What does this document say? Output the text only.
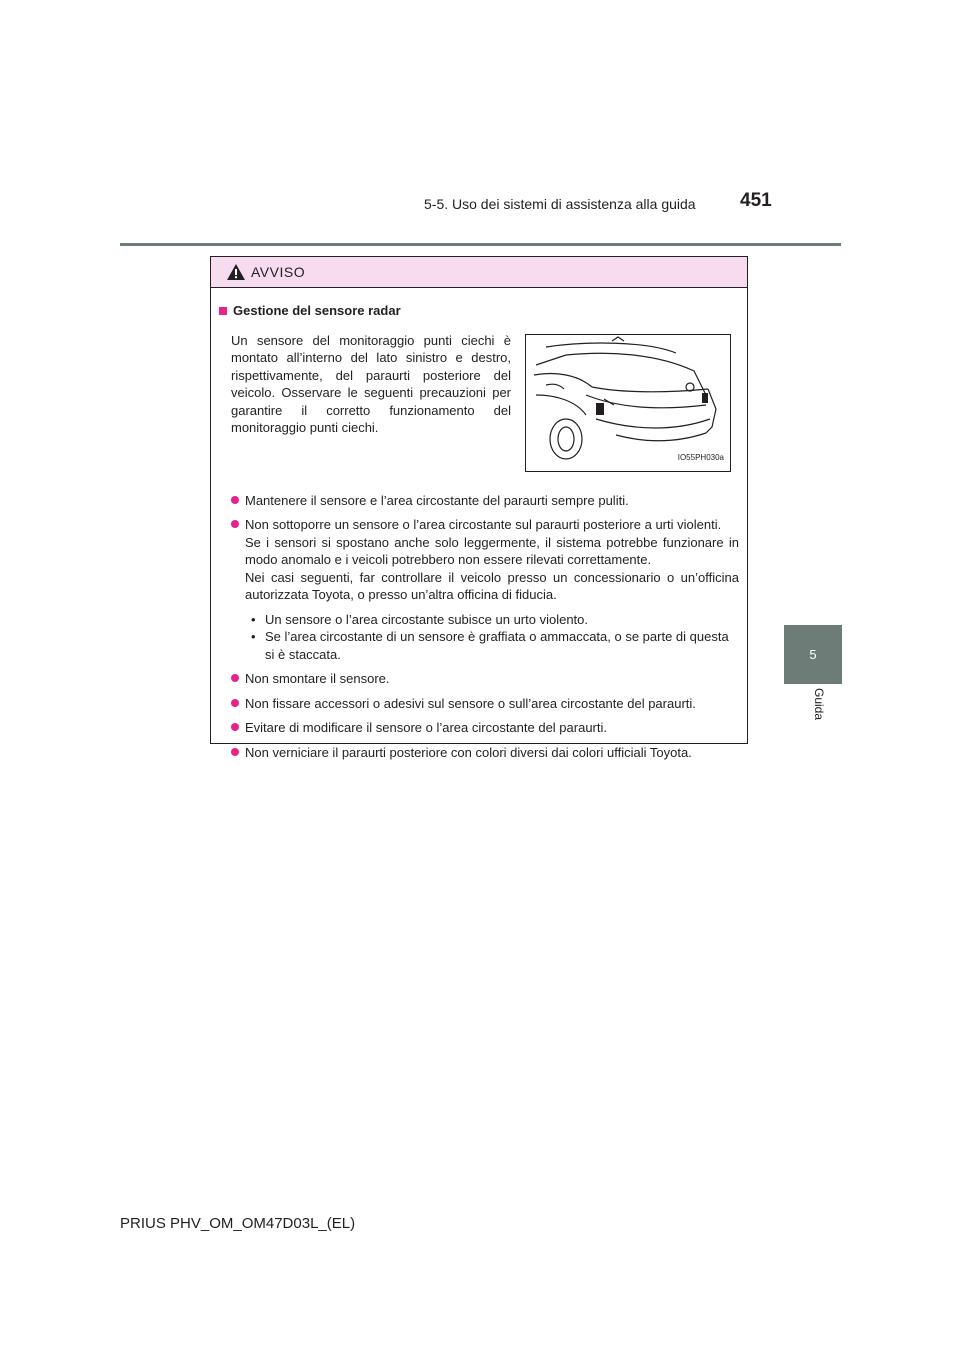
5-5. Uso dei sistemi di assistenza alla guida 451
5
Guida
AVVISO
Gestione del sensore radar
Un sensore del monitoraggio punti ciechi è montato all’interno del lato sinistro e destro, rispettivamente, del paraurti posteriore del veicolo. Osservare le seguenti precauzioni per garantire il corretto funzionamento del monitoraggio punti ciechi.
IO55PH030a
Mantenere il sensore e l’area circostante del paraurti sempre puliti.
Non sottoporre un sensore o l’area circostante sul paraurti posteriore a urti violenti.
Se i sensori si spostano anche solo leggermente, il sistema potrebbe funzionare in modo anomalo e i veicoli potrebbero non essere rilevati correttamente.
Nei casi seguenti, far controllare il veicolo presso un concessionario o un’officina autorizzata Toyota, o presso un’altra officina di fiducia.
• Un sensore o l’area circostante subisce un urto violento.
• Se l’area circostante di un sensore è graffiata o ammaccata, o se parte di questa si è staccata.
Non smontare il sensore.
Non fissare accessori o adesivi sul sensore o sull’area circostante del paraurti.
Evitare di modificare il sensore o l’area circostante del paraurti.
Non verniciare il paraurti posteriore con colori diversi dai colori ufficiali Toyota.
PRIUS PHV_OM_OM47D03L_(EL)
